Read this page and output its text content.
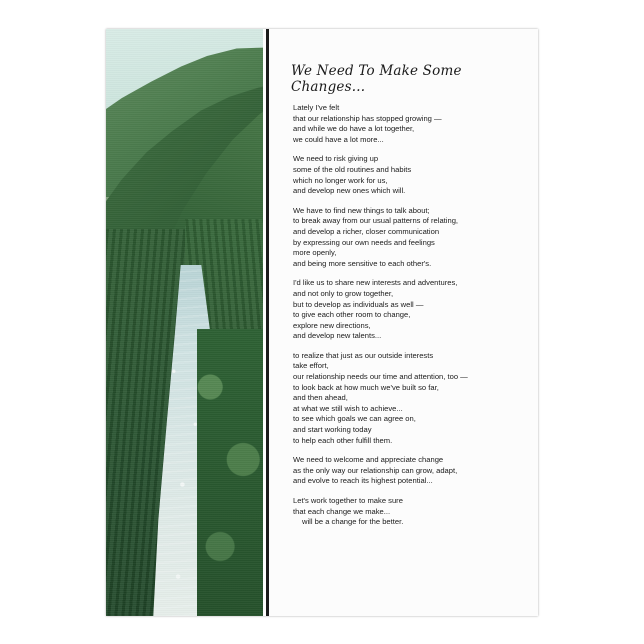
We Need To Make Some Changes...

Lately I've felt
that our relationship has stopped growing —
and while we do have a lot together,
we could have a lot more...

We need to risk giving up
some of the old routines and habits
which no longer work for us,
and develop new ones which will.

We have to find new things to talk about;
to break away from our usual patterns of relating,
and develop a richer, closer communication
by expressing our own needs and feelings
more openly,
and being more sensitive to each other's.

I'd like us to share new interests and adventures,
and not only to grow together,
but to develop as individuals as well —
to give each other room to change,
explore new directions,
and develop new talents...

to realize that just as our outside interests
take effort,
our relationship needs our time and attention, too —
to look back at how much we've built so far,
and then ahead,
at what we still wish to achieve...
to see which goals we can agree on,
and start working today
to help each other fulfill them.

We need to welcome and appreciate change
as the only way our relationship can grow, adapt,
and evolve to reach its highest potential...

Let's work together to make sure
that each change we make...
will be a change for the better.
